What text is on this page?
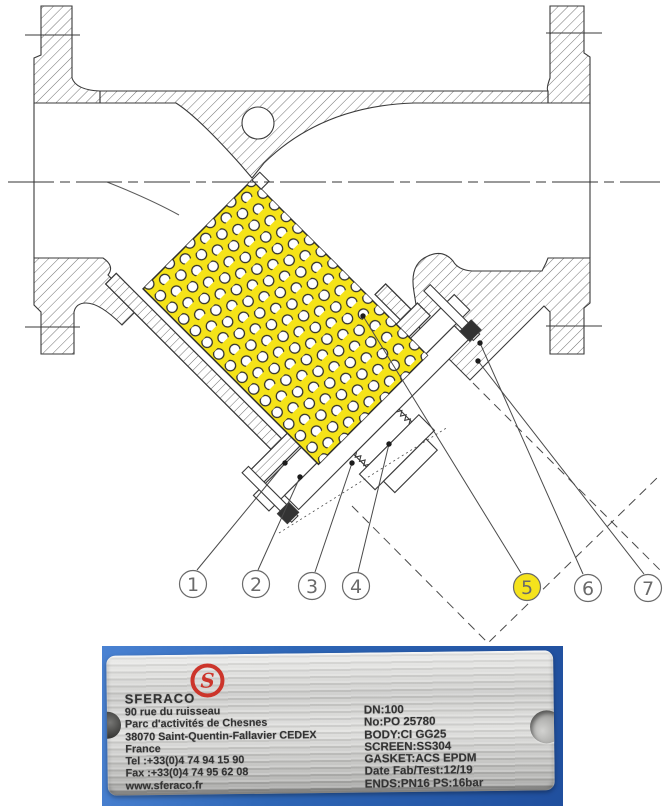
1	2 3 4	5	6	7
S
SFERACO
90 rue du ruisseau
Parc d'activités de Chesnes
38070 Saint-Quentin-Fallavier CEDEX
France
Tel :+33(0)4 74 94 15 90
Fax :+33(0)4 74 95 62 08
www.sferaco.fr
DN:100
No:PO 25780
BODY:CI GG25
SCREEN:SS304
GASKET:ACS EPDM
Date Fab/Test:12/19
ENDS:PN16 PS:16bar
